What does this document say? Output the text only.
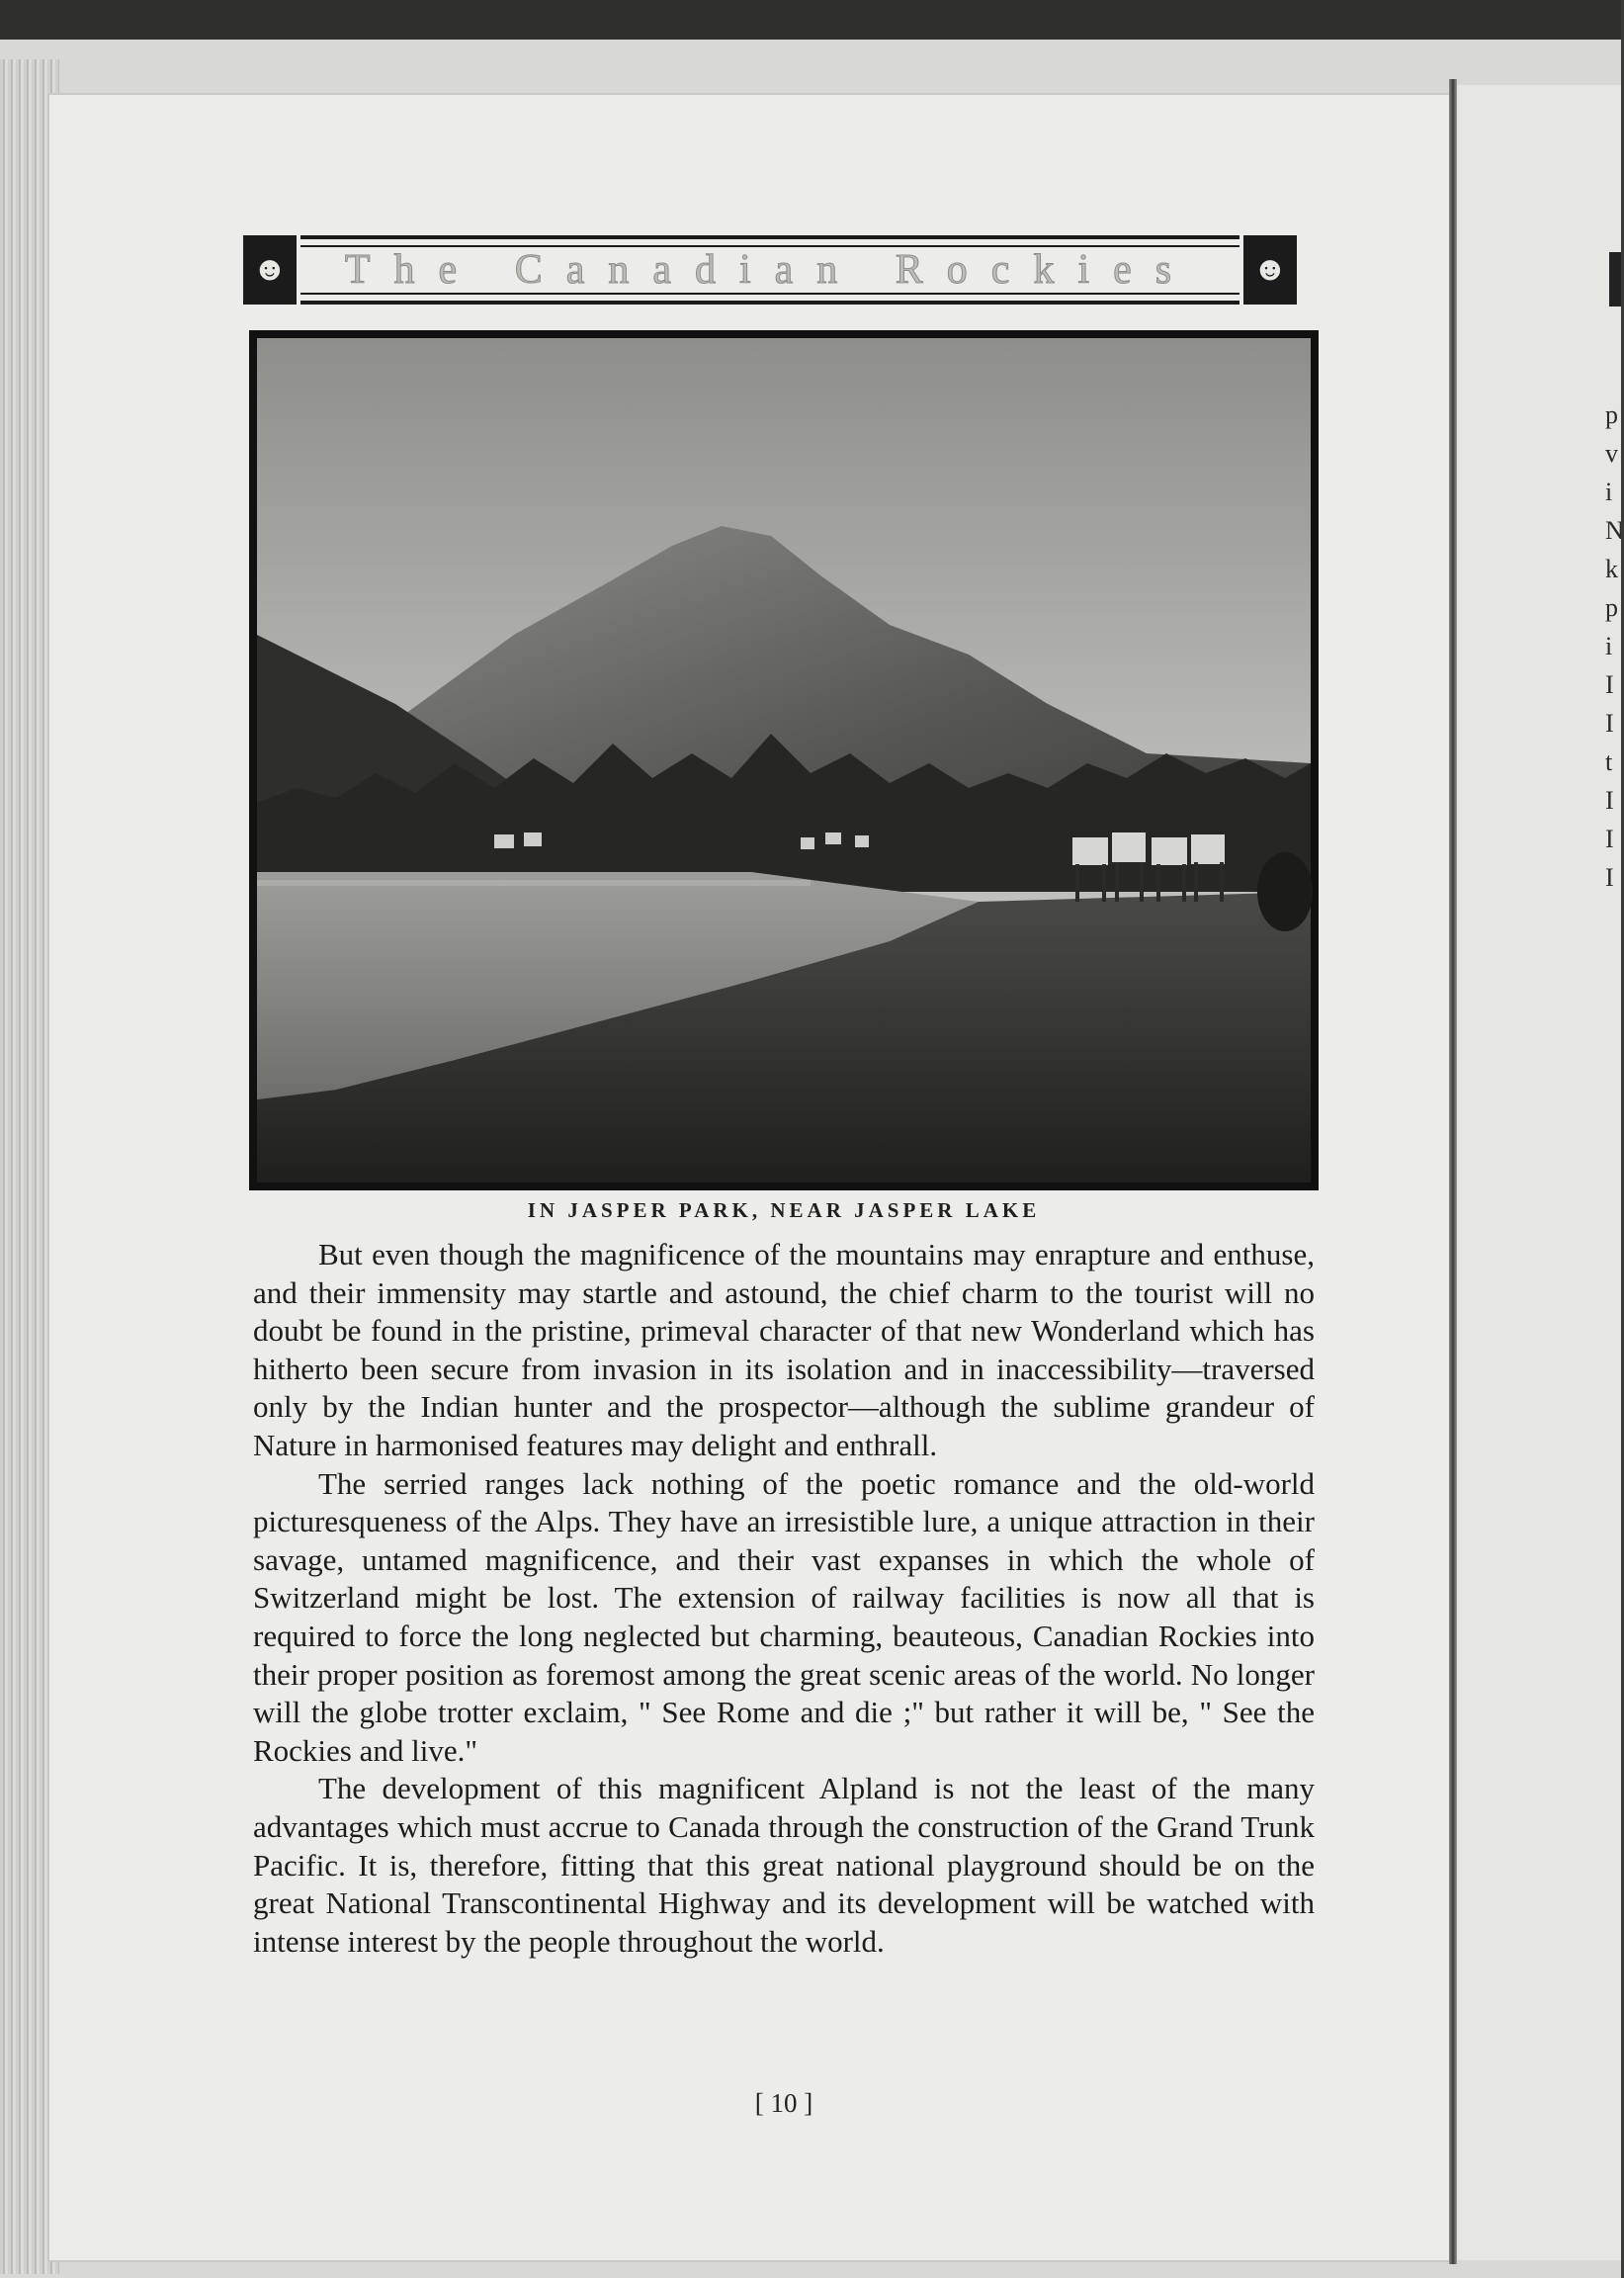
p
v
i
N
k
p
i
I
I
t
I
I
I
☻ The Canadian Rockies ☻
IN JASPER PARK, NEAR JASPER LAKE

But even though the magnificence of the mountains may enrapture and enthuse, and their immensity may startle and astound, the chief charm to the tourist will no doubt be found in the pristine, primeval character of that new Wonderland which has hitherto been secure from invasion in its isolation and in inaccessibility—traversed only by the Indian hunter and the prospector—although the sublime grandeur of Nature in harmonised features may delight and enthrall.

The serried ranges lack nothing of the poetic romance and the old-world picturesqueness of the Alps. They have an irresistible lure, a unique attraction in their savage, untamed magnificence, and their vast expanses in which the whole of Switzerland might be lost. The extension of railway facilities is now all that is required to force the long neglected but charming, beauteous, Canadian Rockies into their proper position as foremost among the great scenic areas of the world. No longer will the globe trotter exclaim, " See Rome and die ;" but rather it will be, " See the Rockies and live."

The development of this magnificent Alpland is not the least of the many advantages which must accrue to Canada through the construction of the Grand Trunk Pacific. It is, therefore, fitting that this great national playground should be on the great National Transcontinental Highway and its development will be watched with intense interest by the people throughout the world.

[ 10 ]
